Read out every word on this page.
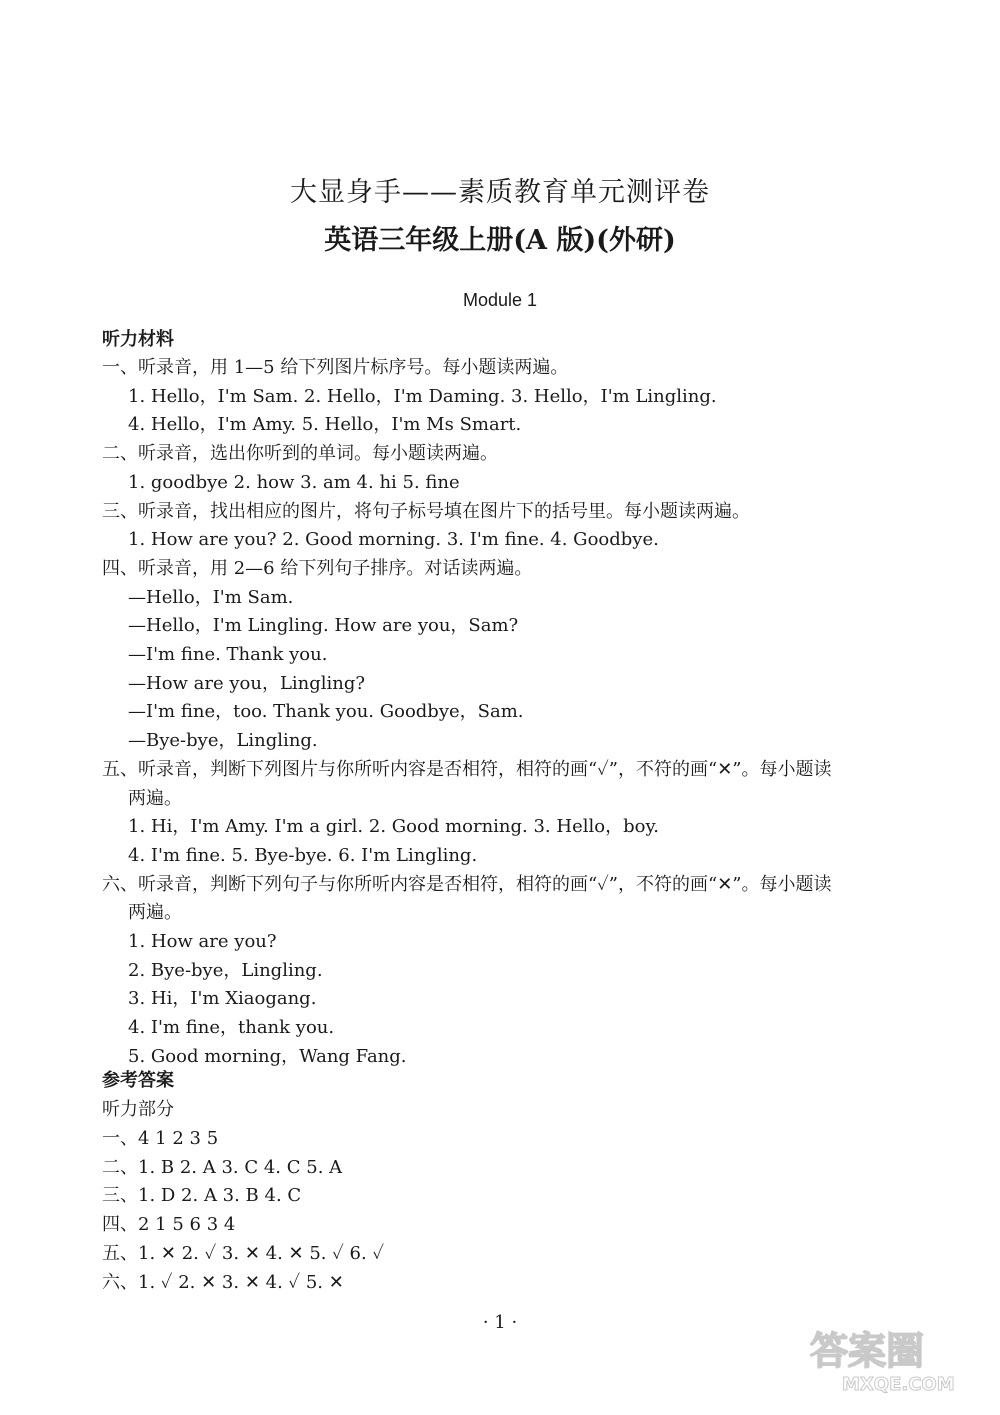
大显身手——素质教育单元测评卷
英语三年级上册(A 版)(外研)
Module 1
听力材料
一、听录音，用 1—5 给下列图片标序号。每小题读两遍。
1. Hello，I'm Sam. 2. Hello，I'm Daming. 3. Hello，I'm Lingling.
4. Hello，I'm Amy. 5. Hello，I'm Ms Smart.
二、听录音，选出你听到的单词。每小题读两遍。
1. goodbye 2. how 3. am 4. hi 5. fine
三、听录音，找出相应的图片，将句子标号填在图片下的括号里。每小题读两遍。
1. How are you? 2. Good morning. 3. I'm fine. 4. Goodbye.
四、听录音，用 2—6 给下列句子排序。对话读两遍。
—Hello，I'm Sam.
—Hello，I'm Lingling. How are you，Sam?
—I'm fine. Thank you.
—How are you，Lingling?
—I'm fine，too. Thank you. Goodbye，Sam.
—Bye-bye，Lingling.
五、听录音，判断下列图片与你所听内容是否相符，相符的画“✓”，不符的画“✕”。每小题读
两遍。
1. Hi，I'm Amy. I'm a girl. 2. Good morning. 3. Hello，boy.
4. I'm fine. 5. Bye-bye. 6. I'm Lingling.
六、听录音，判断下列句子与你所听内容是否相符，相符的画“✓”，不符的画“✕”。每小题读
两遍。
1. How are you?
2. Bye-bye，Lingling.
3. Hi，I'm Xiaogang.
4. I'm fine，thank you.
5. Good morning，Wang Fang.
参考答案
听力部分
一、4 1 2 3 5
二、1. B 2. A 3. C 4. C 5. A
三、1. D 2. A 3. B 4. C
四、2 1 5 6 3 4
五、1. ✕ 2. ✓ 3. ✕ 4. ✕ 5. ✓ 6. ✓
六、1. ✓ 2. ✕ 3. ✕ 4. ✓ 5. ✕
· 1 ·
答案圈
MXQE.COM
